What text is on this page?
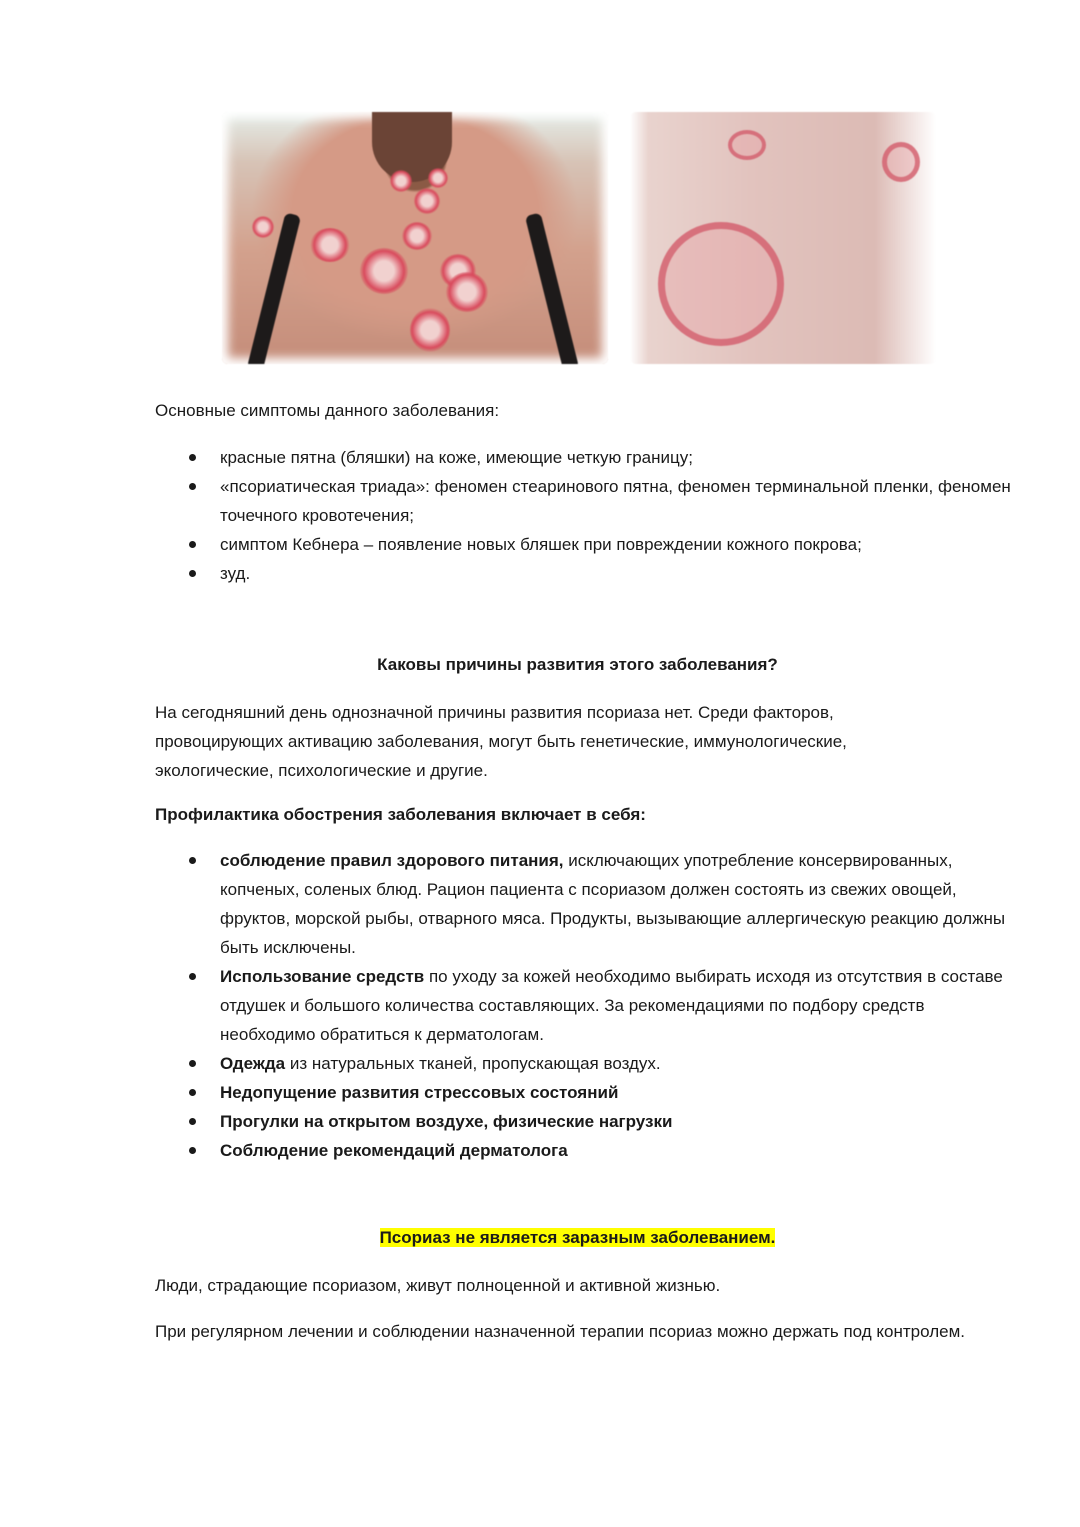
Основные симптомы данного заболевания:
красные пятна (бляшки) на коже, имеющие четкую границу;
«псориатическая триада»: феномен стеаринового пятна, феномен терминальной пленки, феномен точечного кровотечения;
симптом Кебнера – появление новых бляшек при повреждении кожного покрова;
зуд.
Каковы причины развития этого заболевания?
На сегодняшний день однозначной причины развития псориаза нет. Среди факторов, провоцирующих активацию заболевания, могут быть генетические, иммунологические, экологические, психологические и другие.
Профилактика обострения заболевания включает в себя:
соблюдение правил здорового питания, исключающих употребление консервированных, копченых, соленых блюд. Рацион пациента с псориазом должен состоять из свежих овощей, фруктов, морской рыбы, отварного мяса. Продукты, вызывающие аллергическую реакцию должны быть исключены.
Использование средств по уходу за кожей необходимо выбирать исходя из отсутствия в составе отдушек и большого количества составляющих. За рекомендациями по подбору средств необходимо обратиться к дерматологам.
Одежда из натуральных тканей, пропускающая воздух.
Недопущение развития стрессовых состояний
Прогулки на открытом воздухе, физические нагрузки
Соблюдение рекомендаций дерматолога
Псориаз не является заразным заболеванием.
Люди, страдающие псориазом, живут полноценной и активной жизнью.
При регулярном лечении и соблюдении назначенной терапии псориаз можно держать под контролем.
